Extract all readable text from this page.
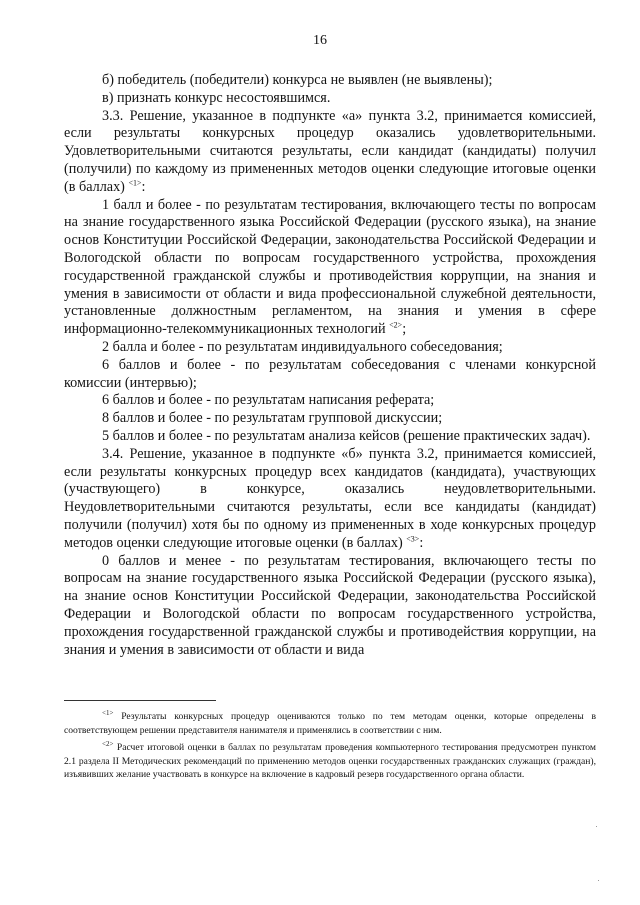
16

б) победитель (победители) конкурса не выявлен (не выявлены);

в) признать конкурс несостоявшимся.

3.3. Решение, указанное в подпункте «а» пункта 3.2, принимается комиссией, если результаты конкурсных процедур оказались удовлетворительными. Удовлетворительными считаются результаты, если кандидат (кандидаты) получил (получили) по каждому из примененных методов оценки следующие итоговые оценки (в баллах) $^{<1>}$:

1 балл и более - по результатам тестирования, включающего тесты по вопросам на знание государственного языка Российской Федерации (русского языка), на знание основ Конституции Российской Федерации, законодательства Российской Федерации и Вологодской области по вопросам государственного устройства, прохождения государственной гражданской службы и противодействия коррупции, на знания и умения в зависимости от области и вида профессиональной служебной деятельности, установленные должностным регламентом, на знания и умения в сфере информационно-телекоммуникационных технологий $^{<2>}$;

2 балла и более - по результатам индивидуального собеседования;

6 баллов и более - по результатам собеседования с членами конкурсной комиссии (интервью);

6 баллов и более - по результатам написания реферата;

8 баллов и более - по результатам групповой дискуссии;

5 баллов и более - по результатам анализа кейсов (решение практических задач).

3.4. Решение, указанное в подпункте «б» пункта 3.2, принимается комиссией, если результаты конкурсных процедур всех кандидатов (кандидата), участвующих (участвующего) в конкурсе, оказались неудовлетворительными. Неудовлетворительными считаются результаты, если все кандидаты (кандидат) получили (получил) хотя бы по одному из примененных в ходе конкурсных процедур методов оценки следующие итоговые оценки (в баллах) $^{<3>}$:

0 баллов и менее - по результатам тестирования, включающего тесты по вопросам на знание государственного языка Российской Федерации (русского языка), на знание основ Конституции Российской Федерации, законодательства Российской Федерации и Вологодской области по вопросам государственного устройства, прохождения государственной гражданской службы и противодействия коррупции, на знания и умения в зависимости от области и вида

$^{<1>}$ Результаты конкурсных процедур оцениваются только по тем методам оценки, которые определены в соответствующем решении представителя нанимателя и применялись в соответствии с ним.

$^{<2>}$ Расчет итоговой оценки в баллах по результатам проведения компьютерного тестирования предусмотрен пунктом 2.1 раздела II Методических рекомендаций по применению методов оценки государственных гражданских служащих (граждан), изъявивших желание участвовать в конкурсе на включение в кадровый резерв государственного органа области.
